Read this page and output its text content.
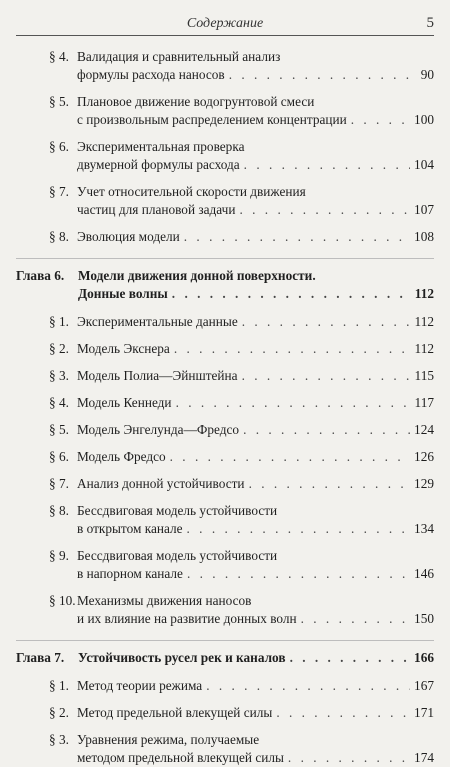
Содержание	5
§ 4. Валидация и сравнительный анализ
формулы расхода наносов . . .	90
§ 5. Плановое движение водогрунтовой смеси
с произвольным распределением концентрации . . .	100
§ 6. Экспериментальная проверка
двумерной формулы расхода . . .	104
§ 7. Учет относительной скорости движения
частиц для плановой задачи . . .	107
§ 8. Эволюция модели . . .	108
Глава 6. Модели движения донной поверхности.
Донные волны . . .	112
§ 1. Экспериментальные данные . . .	112
§ 2. Модель Экснера . . .	112
§ 3. Модель Полиа—Эйнштейна . . .	115
§ 4. Модель Кеннеди . . .	117
§ 5. Модель Энгелунда—Фредсо . . .	124
§ 6. Модель Фредсо . . .	126
§ 7. Анализ донной устойчивости . . .	129
§ 8. Бессдвиговая модель устойчивости
в открытом канале . . .	134
§ 9. Бессдвиговая модель устойчивости
в напорном канале . . .	146
§ 10. Механизмы движения наносов
и их влияние на развитие донных волн . . .	150
Глава 7. Устойчивость русел рек и каналов . . .	166
§ 1. Метод теории режима . . .	167
§ 2. Метод предельной влекущей силы . . .	171
§ 3. Уравнения режима, получаемые
методом предельной влекущей силы . . .	174
